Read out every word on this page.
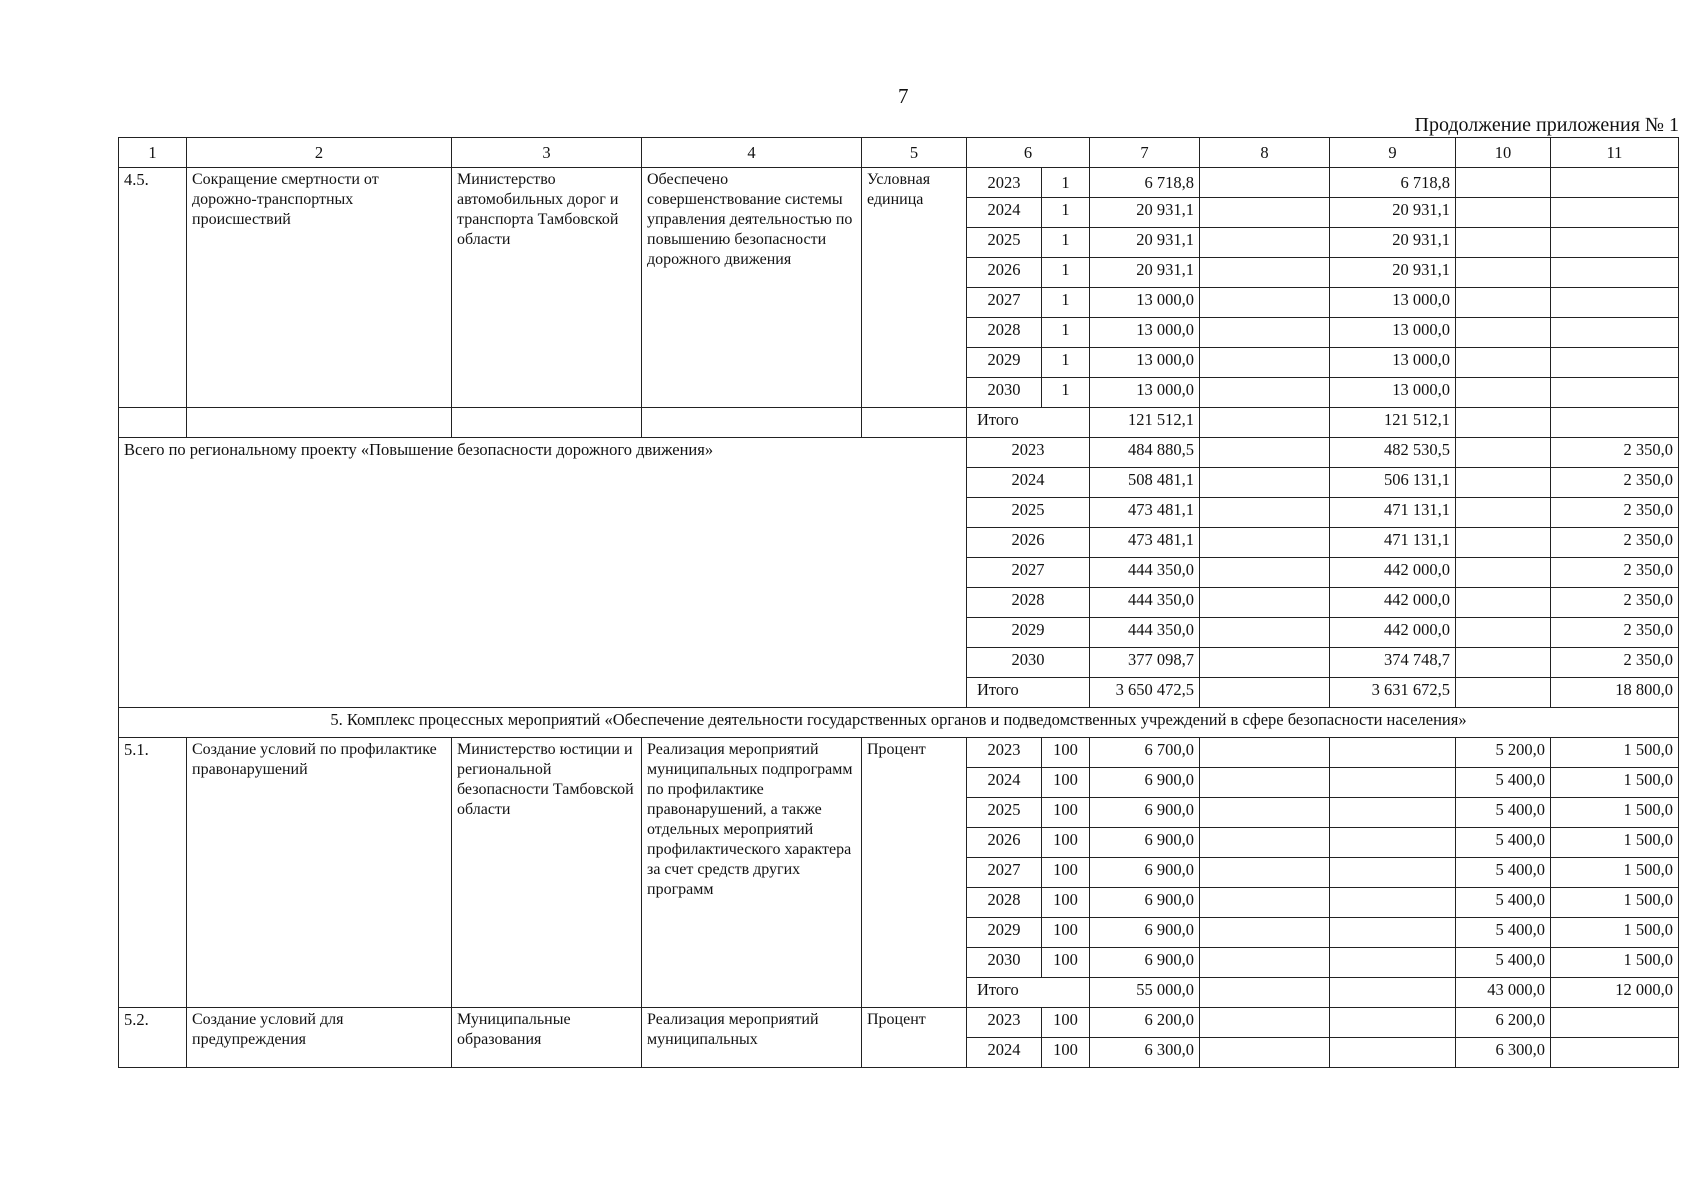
7
Продолжение приложения № 1
1	2	3	4	5	6		7	8	9	10	11
4.5.	Сокращение смертности от дорожно-транспортных происшествий	Министерство автомобильных дорог и транспорта Тамбовской области	Обеспечено совершенствование системы управления деятельностью по повышению безопасности дорожного движения	Условная единица	2023	1	6 718,8		6 718,8		
					2024	1	20 931,1		20 931,1		
					2025	1	20 931,1		20 931,1		
					2026	1	20 931,1		20 931,1		
					2027	1	13 000,0		13 000,0		
					2028	1	13 000,0		13 000,0		
					2029	1	13 000,0		13 000,0		
					2030	1	13 000,0		13 000,0		
					Итого		121 512,1		121 512,1		
Всего по региональному проекту «Повышение безопасности дорожного движения»					2023		484 880,5		482 530,5		2 350,0
					2024		508 481,1		506 131,1		2 350,0
					2025		473 481,1		471 131,1		2 350,0
					2026		473 481,1		471 131,1		2 350,0
					2027		444 350,0		442 000,0		2 350,0
					2028		444 350,0		442 000,0		2 350,0
					2029		444 350,0		442 000,0		2 350,0
					2030		377 098,7		374 748,7		2 350,0
					Итого		3 650 472,5		3 631 672,5		18 800,0
5. Комплекс процессных мероприятий «Обеспечение деятельности государственных органов и подведомственных учреждений в сфере безопасности населения»											
5.1.	Создание условий по профилактике правонарушений	Министерство юстиции и региональной безопасности Тамбовской области	Реализация мероприятий муниципальных подпрограмм по профилактике правонарушений, а также отдельных мероприятий профилактического характера за счет средств других программ	Процент	2023	100	6 700,0			5 200,0	1 500,0
					2024	100	6 900,0			5 400,0	1 500,0
					2025	100	6 900,0			5 400,0	1 500,0
					2026	100	6 900,0			5 400,0	1 500,0
					2027	100	6 900,0			5 400,0	1 500,0
					2028	100	6 900,0			5 400,0	1 500,0
					2029	100	6 900,0			5 400,0	1 500,0
					2030	100	6 900,0			5 400,0	1 500,0
					Итого		55 000,0			43 000,0	12 000,0
5.2.	Создание условий для предупреждения	Муниципальные образования	Реализация мероприятий муниципальных	Процент	2023	100	6 200,0			6 200,0	
					2024	100	6 300,0			6 300,0	
